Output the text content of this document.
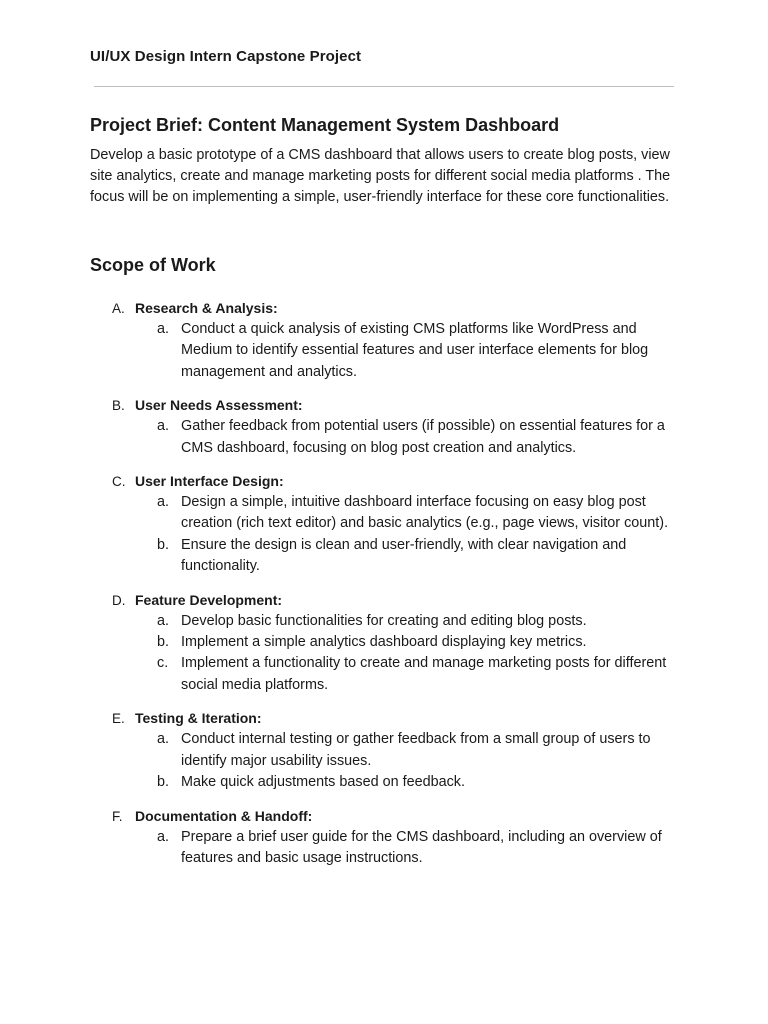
UI/UX Design Intern Capstone Project
Project Brief: Content Management System Dashboard

Develop a basic prototype of a CMS dashboard that allows users to create blog posts, view site analytics, create and manage marketing posts for different social media platforms . The focus will be on implementing a simple, user-friendly interface for these core functionalities.

Scope of Work
A. Research & Analysis:
a. Conduct a quick analysis of existing CMS platforms like WordPress and Medium to identify essential features and user interface elements for blog management and analytics.
B. User Needs Assessment:
a. Gather feedback from potential users (if possible) on essential features for a CMS dashboard, focusing on blog post creation and analytics.
C. User Interface Design:
a. Design a simple, intuitive dashboard interface focusing on easy blog post creation (rich text editor) and basic analytics (e.g., page views, visitor count).
b. Ensure the design is clean and user-friendly, with clear navigation and functionality.
D. Feature Development:
a. Develop basic functionalities for creating and editing blog posts.
b. Implement a simple analytics dashboard displaying key metrics.
c. Implement a functionality to create and manage marketing posts for different social media platforms.
E. Testing & Iteration:
a. Conduct internal testing or gather feedback from a small group of users to identify major usability issues.
b. Make quick adjustments based on feedback.
F. Documentation & Handoff:
a. Prepare a brief user guide for the CMS dashboard, including an overview of features and basic usage instructions.
